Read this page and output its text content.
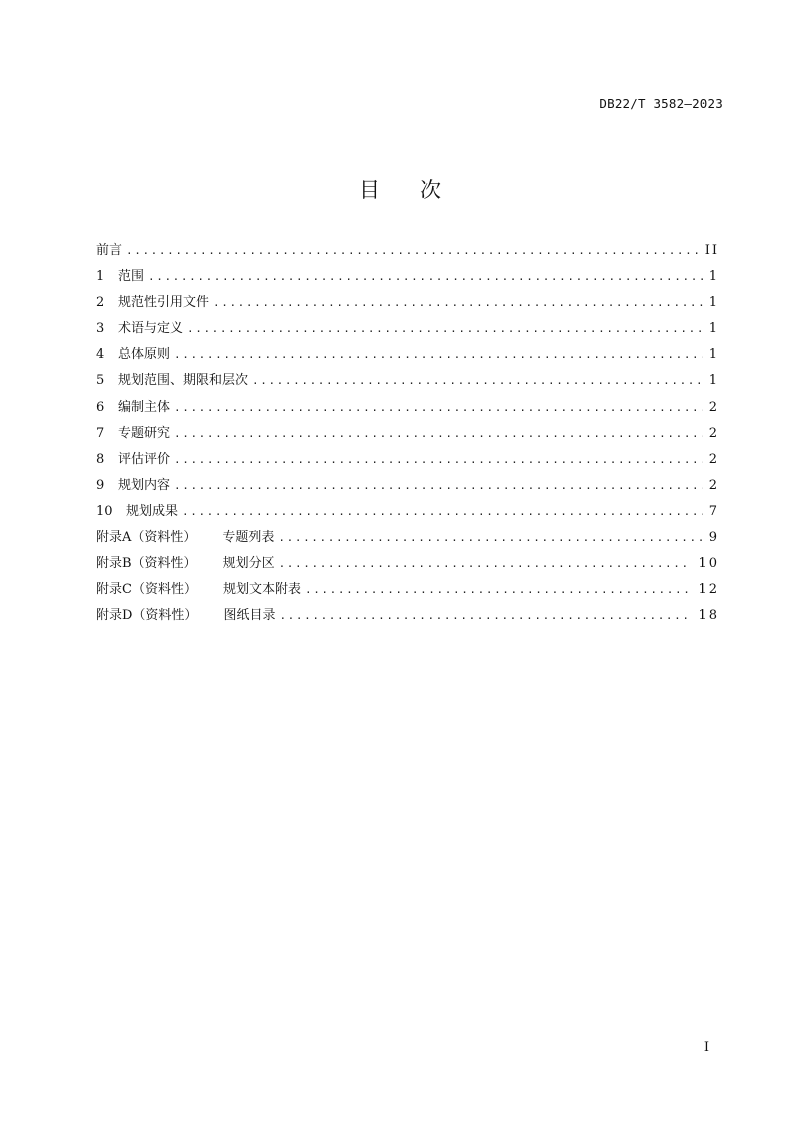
DB22/T 3582—2023
目次
前言 .....	II
1 范围 .....	1
2 规范性引用文件 .....	1
3 术语与定义 .....	1
4 总体原则 .....	1
5 规划范围、期限和层次 .....	1
6 编制主体 .....	2
7 专题研究 .....	2
8 评估评价 .....	2
9 规划内容 .....	2
10 规划成果 .....	7
附录A（资料性） 专题列表 .....	9
附录B（资料性） 规划分区 .....	10
附录C（资料性） 规划文本附表 .....	12
附录D（资料性） 图纸目录 .....	18
I
